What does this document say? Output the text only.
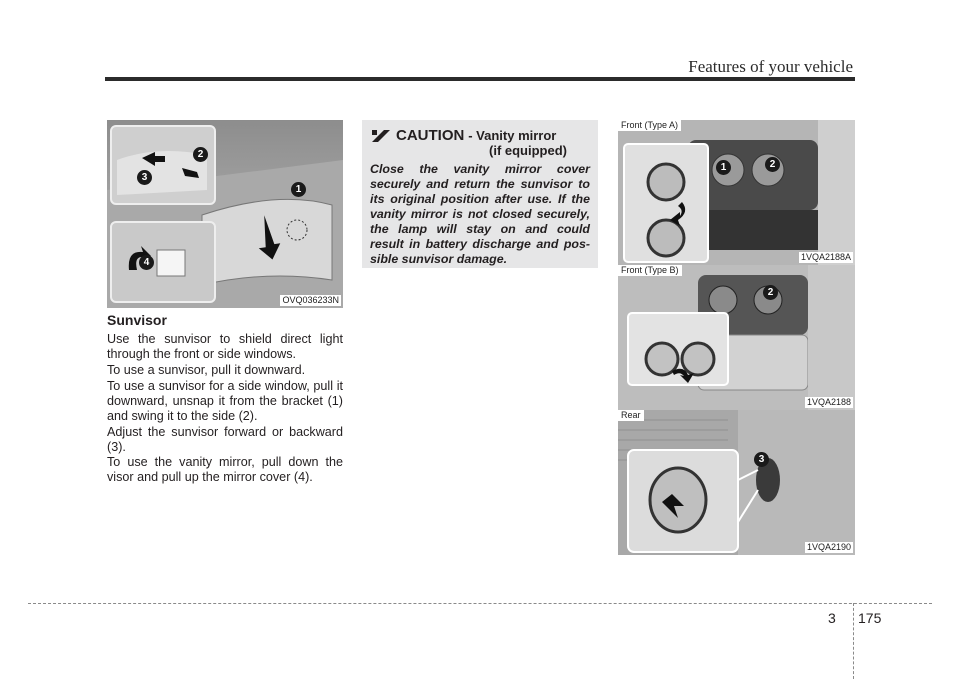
Features of your vehicle
1
2
3
4
OVQ036233N
Sunvisor
Use the sunvisor to shield direct light through the front or side windows.
To use a sunvisor, pull it downward.
To use a sunvisor for a side window, pull it downward, unsnap it from the bracket (1) and swing it to the side (2).
Adjust the sunvisor forward or backward (3).
To use the vanity mirror, pull down the visor and pull up the mirror cover (4).
CAUTION - Vanity mirror
(if equipped)
Close the vanity mirror cover securely and return the sunvisor to its original position after use. If the vanity mirror is not closed securely, the lamp will stay on and could result in battery discharge and pos-sible sunvisor damage.
1	2
Front (Type A)
1VQA2188A
2
Front (Type B)
1VQA2188
3
Rear
1VQA2190
3 175
